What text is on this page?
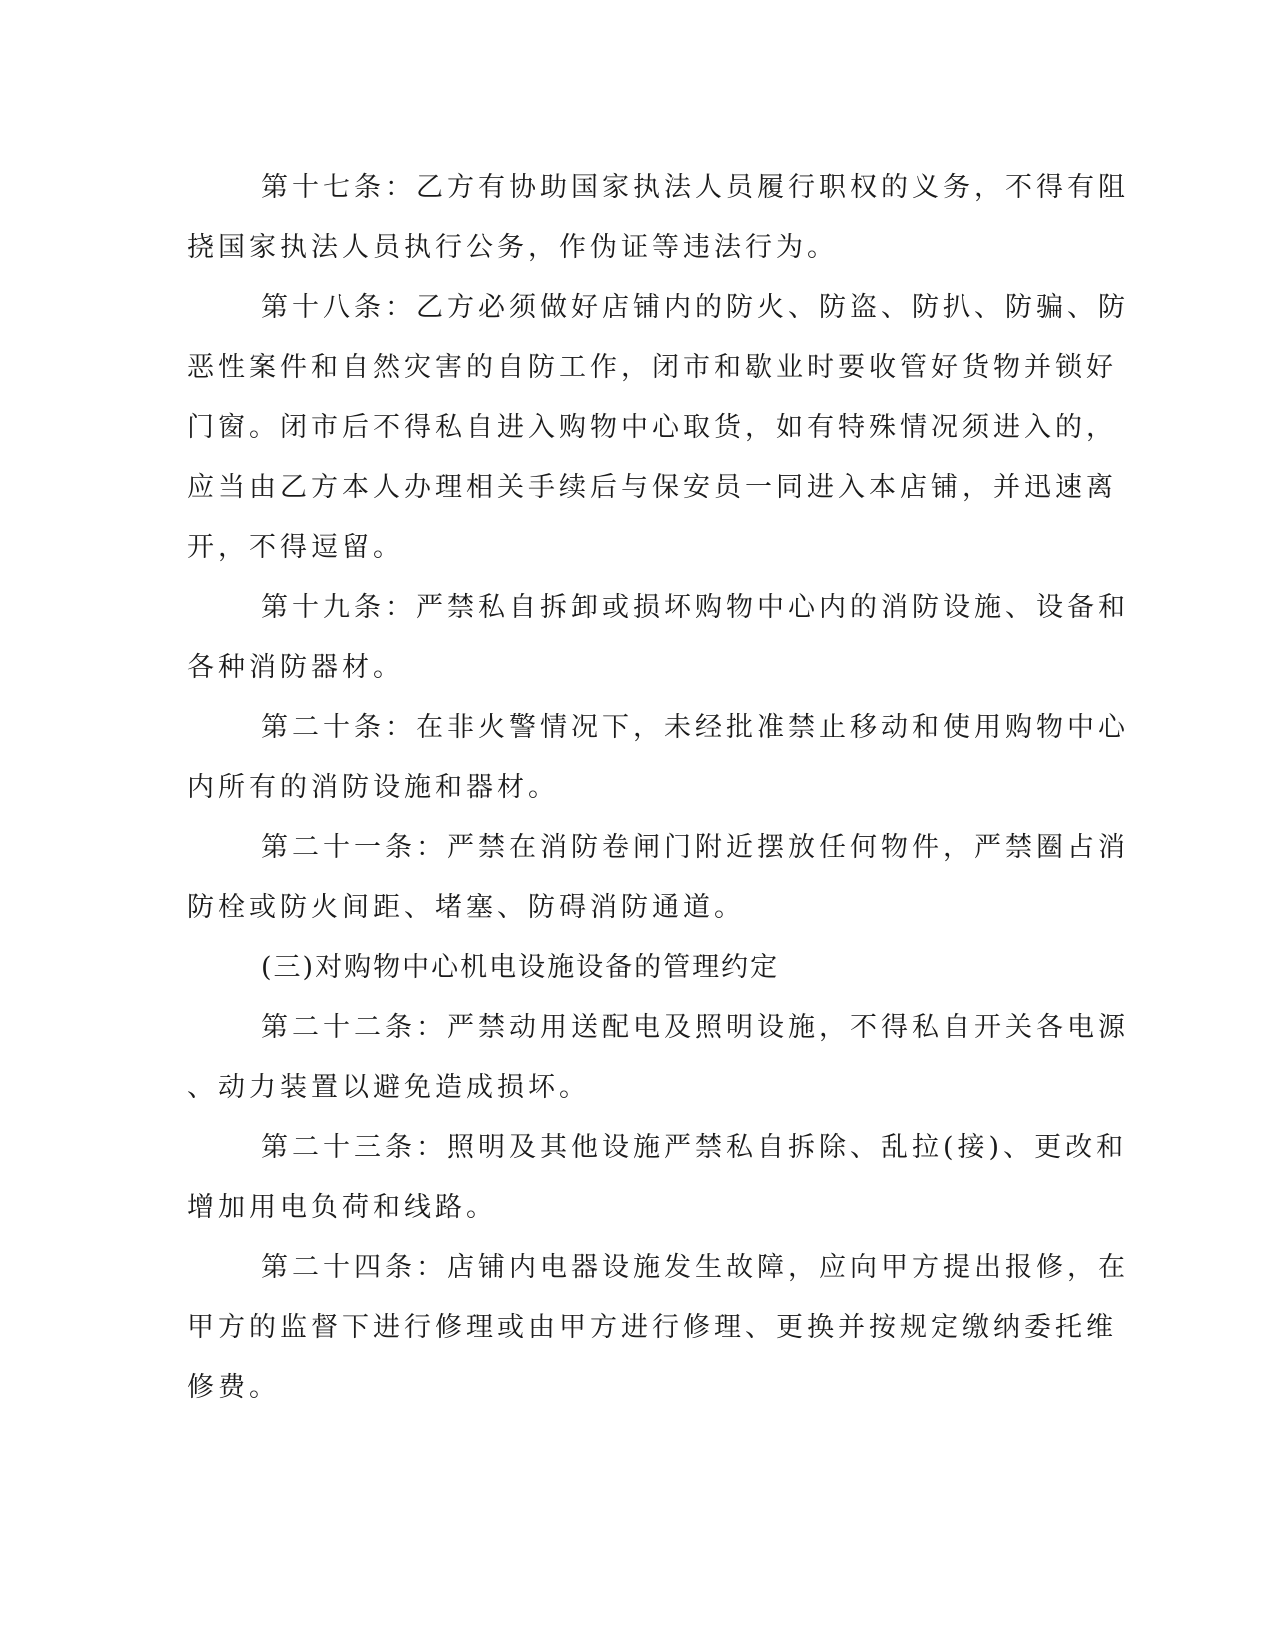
第十七条：乙方有协助国家执法人员履行职权的义务，不得有阻
挠国家执法人员执行公务，作伪证等违法行为。
第十八条：乙方必须做好店铺内的防火、防盗、防扒、防骗、防
恶性案件和自然灾害的自防工作，闭市和歇业时要收管好货物并锁好
门窗。闭市后不得私自进入购物中心取货，如有特殊情况须进入的，
应当由乙方本人办理相关手续后与保安员一同进入本店铺，并迅速离
开，不得逗留。
第十九条：严禁私自拆卸或损坏购物中心内的消防设施、设备和
各种消防器材。
第二十条：在非火警情况下，未经批准禁止移动和使用购物中心
内所有的消防设施和器材。
第二十一条：严禁在消防卷闸门附近摆放任何物件，严禁圈占消
防栓或防火间距、堵塞、防碍消防通道。
(三)对购物中心机电设施设备的管理约定
第二十二条：严禁动用送配电及照明设施，不得私自开关各电源
、动力装置以避免造成损坏。
第二十三条：照明及其他设施严禁私自拆除、乱拉(接)、更改和
增加用电负荷和线路。
第二十四条：店铺内电器设施发生故障，应向甲方提出报修，在
甲方的监督下进行修理或由甲方进行修理、更换并按规定缴纳委托维
修费。
